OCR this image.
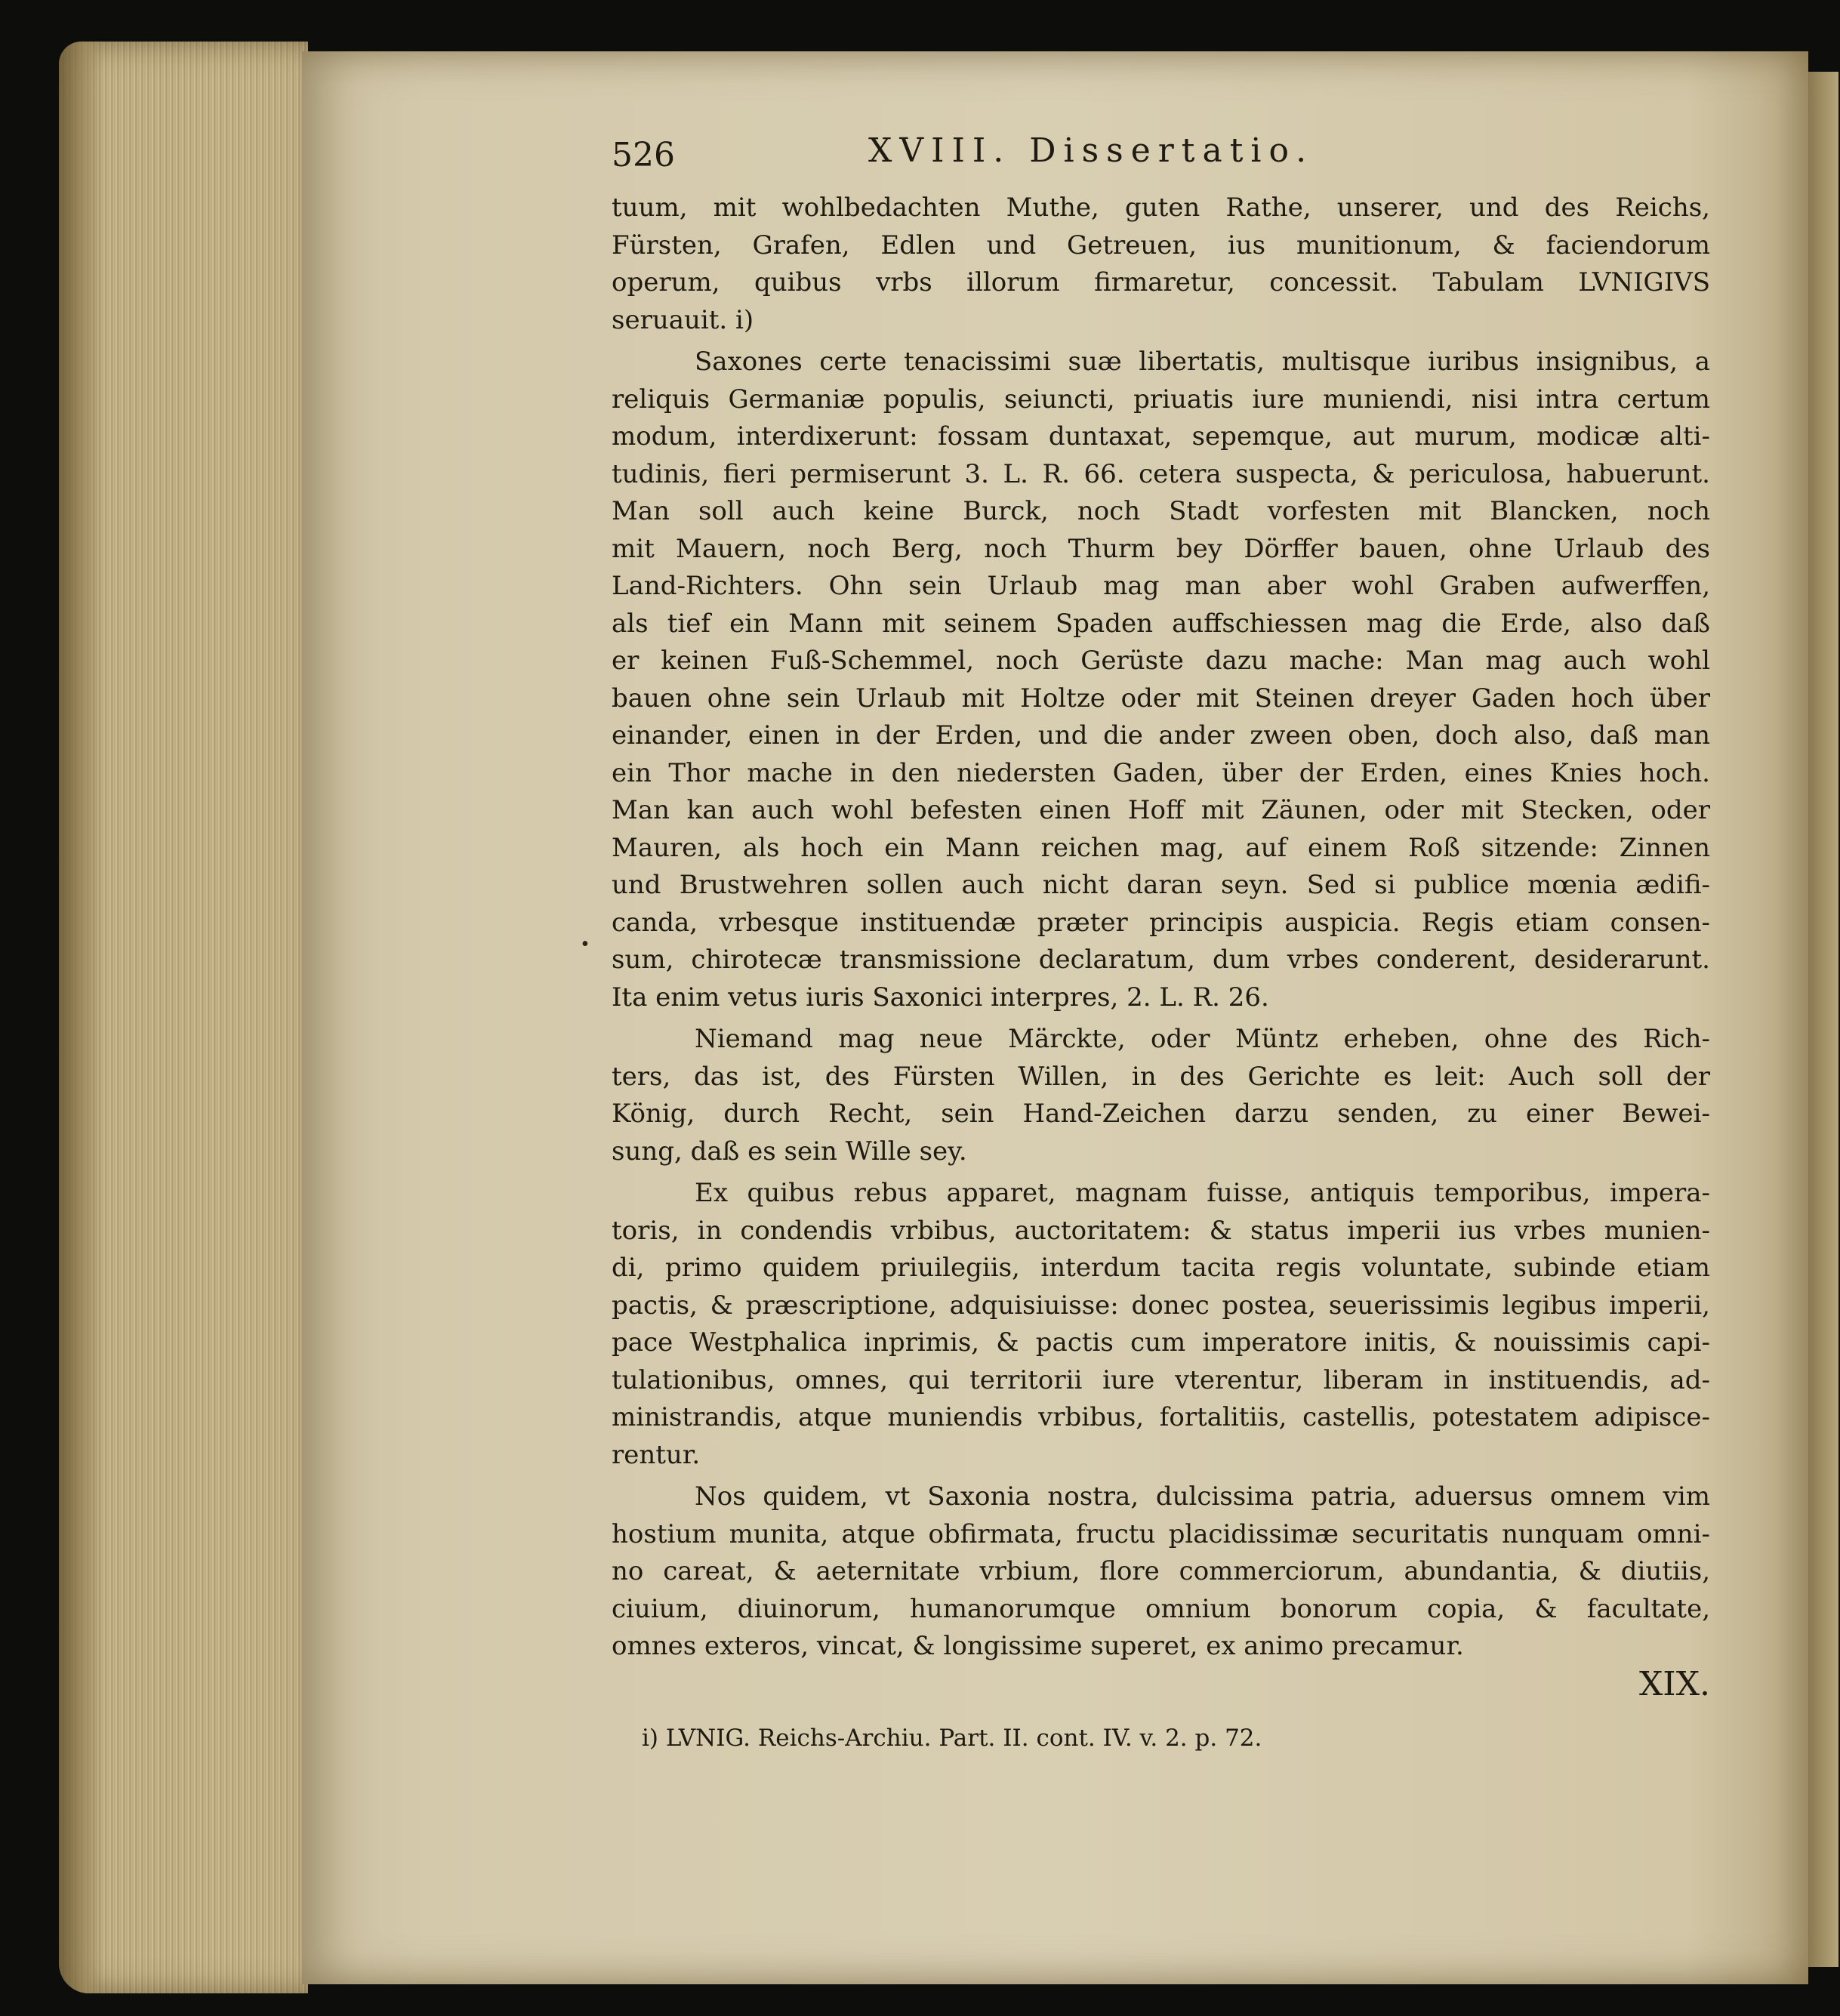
526	XVIII. Dissertatio.
tuum, mit wohlbedachten Muthe, guten Rathe, unserer, und des Reichs,
Fürsten, Grafen, Edlen und Getreuen, ius munitionum, & faciendorum
operum, quibus vrbs illorum firmaretur, concessit. Tabulam LVNIGIVS
seruauit. i)
Saxones certe tenacissimi suæ libertatis, multisque iuribus insignibus, a
reliquis Germaniæ populis, seiuncti, priuatis iure muniendi, nisi intra certum
modum, interdixerunt: fossam duntaxat, sepemque, aut murum, modicæ alti-
tudinis, fieri permiserunt 3. L. R. 66. cetera suspecta, & periculosa, habuerunt.
Man soll auch keine Burck, noch Stadt vorfesten mit Blancken, noch
mit Mauern, noch Berg, noch Thurm bey Dörffer bauen, ohne Urlaub des
Land-Richters. Ohn sein Urlaub mag man aber wohl Graben aufwerffen,
als tief ein Mann mit seinem Spaden auffschiessen mag die Erde, also daß
er keinen Fuß-Schemmel, noch Gerüste dazu mache: Man mag auch wohl
bauen ohne sein Urlaub mit Holtze oder mit Steinen dreyer Gaden hoch über
einander, einen in der Erden, und die ander zween oben, doch also, daß man
ein Thor mache in den niedersten Gaden, über der Erden, eines Knies hoch.
Man kan auch wohl befesten einen Hoff mit Zäunen, oder mit Stecken, oder
Mauren, als hoch ein Mann reichen mag, auf einem Roß sitzende: Zinnen
und Brustwehren sollen auch nicht daran seyn. Sed si publice mœnia ædifi-
canda, vrbesque instituendæ præter principis auspicia. Regis etiam consen-
sum, chirotecæ transmissione declaratum, dum vrbes conderent, desiderarunt.
Ita enim vetus iuris Saxonici interpres, 2. L. R. 26.
Niemand mag neue Märckte, oder Müntz erheben, ohne des Rich-
ters, das ist, des Fürsten Willen, in des Gerichte es leit: Auch soll der
König, durch Recht, sein Hand-Zeichen darzu senden, zu einer Bewei-
sung, daß es sein Wille sey.
Ex quibus rebus apparet, magnam fuisse, antiquis temporibus, impera-
toris, in condendis vrbibus, auctoritatem: & status imperii ius vrbes munien-
di, primo quidem priuilegiis, interdum tacita regis voluntate, subinde etiam
pactis, & præscriptione, adquisiuisse: donec postea, seuerissimis legibus imperii,
pace Westphalica inprimis, & pactis cum imperatore initis, & nouissimis capi-
tulationibus, omnes, qui territorii iure vterentur, liberam in instituendis, ad-
ministrandis, atque muniendis vrbibus, fortalitiis, castellis, potestatem adipisce-
rentur.
Nos quidem, vt Saxonia nostra, dulcissima patria, aduersus omnem vim
hostium munita, atque obfirmata, fructu placidissimæ securitatis nunquam omni-
no careat, & aeternitate vrbium, flore commerciorum, abundantia, & diutiis,
ciuium, diuinorum, humanorumque omnium bonorum copia, & facultate,
omnes exteros, vincat, & longissime superet, ex animo precamur.
XIX.
i) LVNIG. Reichs-Archiu. Part. II. cont. IV. v. 2. p. 72.
•
